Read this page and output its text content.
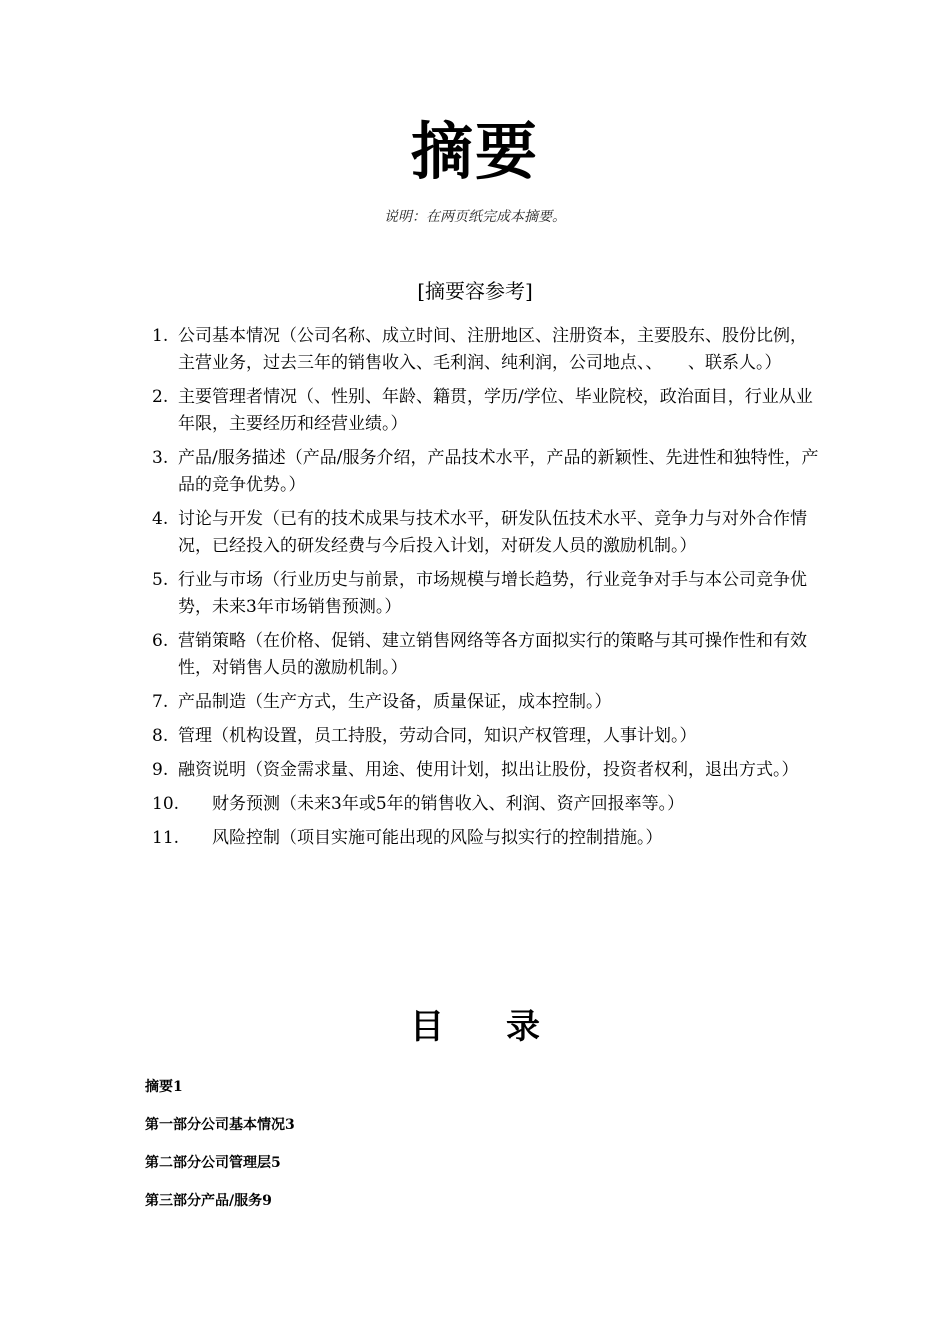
摘要
说明：在两页纸完成本摘要。
[摘要容参考]
1. 公司基本情况（公司名称、成立时间、注册地区、注册资本，主要股东、股份比例，主营业务，过去三年的销售收入、毛利润、纯利润，公司地点、、　　、联系人。）
2. 主要管理者情况（、性别、年龄、籍贯，学历/学位、毕业院校，政治面目，行业从业年限，主要经历和经营业绩。）
3. 产品/服务描述（产品/服务介绍，产品技术水平，产品的新颖性、先进性和独特性，产品的竞争优势。）
4. 讨论与开发（已有的技术成果与技术水平，研发队伍技术水平、竞争力与对外合作情况，已经投入的研发经费与今后投入计划，对研发人员的激励机制。）
5. 行业与市场（行业历史与前景，市场规模与增长趋势，行业竞争对手与本公司竞争优势，未来3年市场销售预测。）
6. 营销策略（在价格、促销、建立销售网络等各方面拟实行的策略与其可操作性和有效性，对销售人员的激励机制。）
7. 产品制造（生产方式，生产设备，质量保证，成本控制。）
8. 管理（机构设置，员工持股，劳动合同，知识产权管理，人事计划。）
9. 融资说明（资金需求量、用途、使用计划，拟出让股份，投资者权利，退出方式。）
10. 财务预测（未来3年或5年的销售收入、利润、资产回报率等。）
11. 风险控制（项目实施可能出现的风险与拟实行的控制措施。）
目 录
摘要1
第一部分公司基本情况3
第二部分公司管理层5
第三部分产品/服务9
